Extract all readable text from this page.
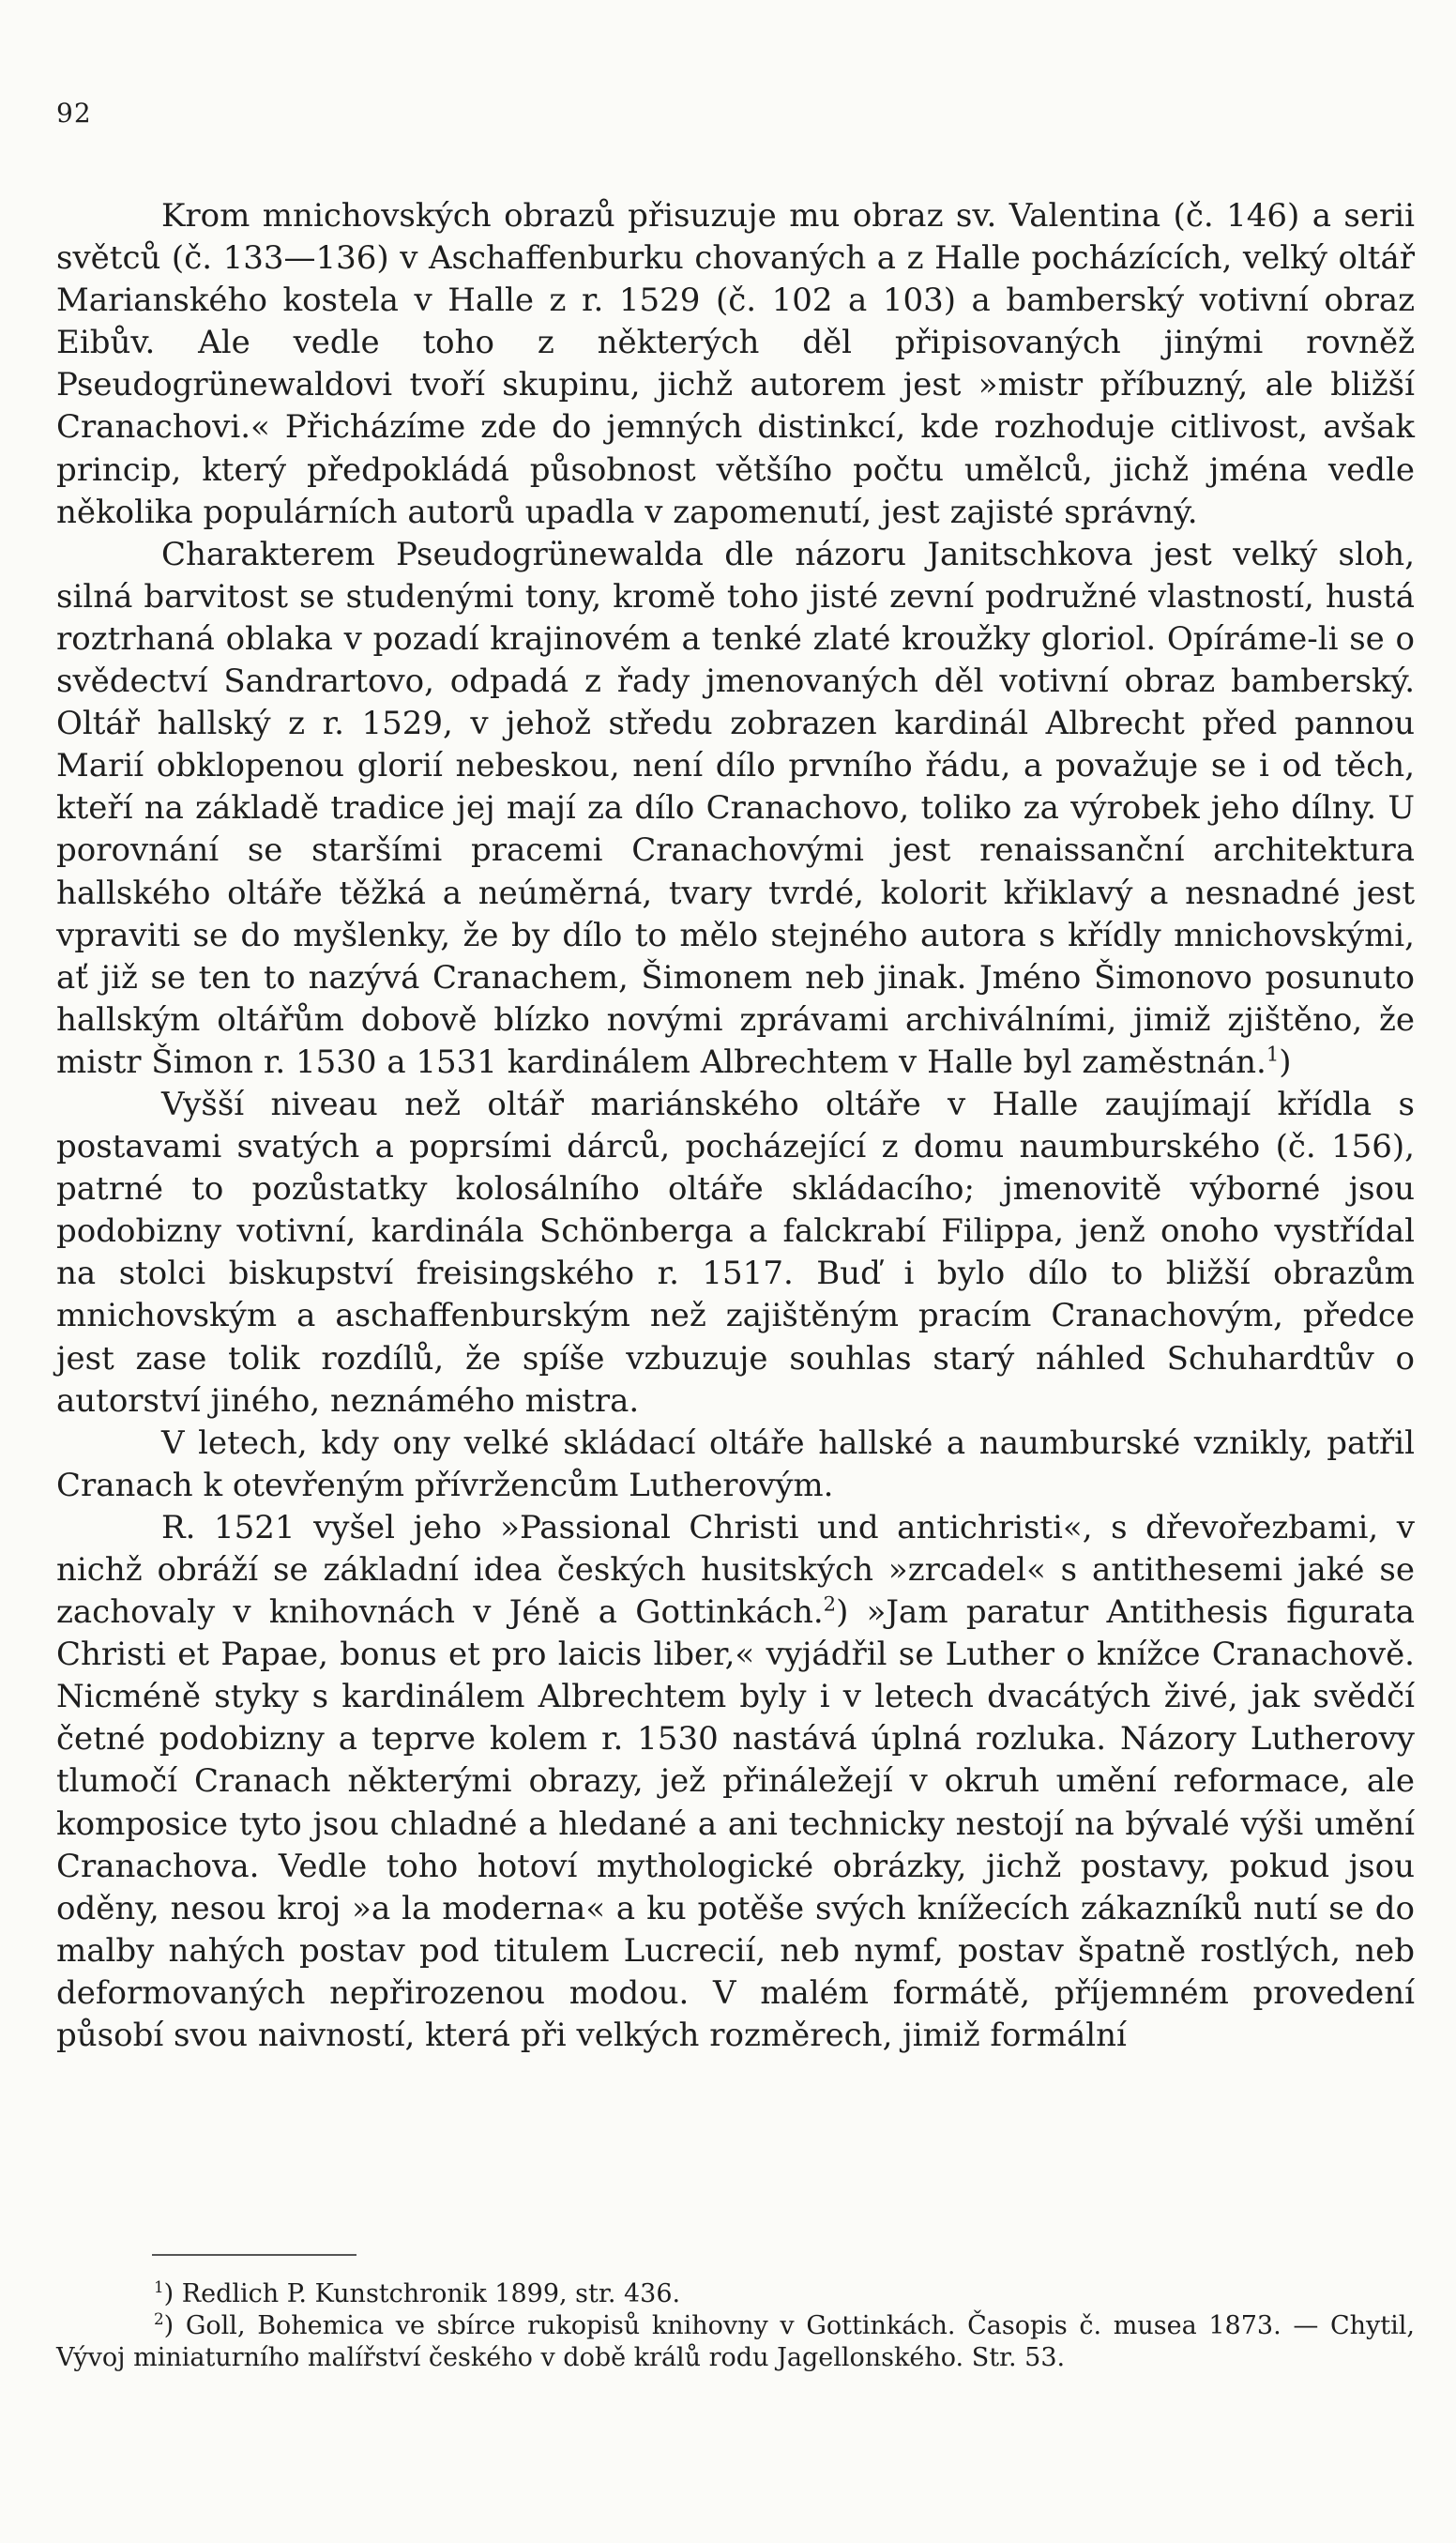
92

Krom mnichovských obrazů přisuzuje mu obraz sv. Valentina (č. 146) a serii světců (č. 133—136) v Aschaffenburku chovaných a z Halle pocházících, velký oltář Marianského kostela v Halle z r. 1529 (č. 102 a 103) a bamberský votivní obraz Eibův. Ale vedle toho z některých děl připisovaných jinými rovněž Pseudogrünewaldovi tvoří skupinu, jichž autorem jest »mistr příbuzný, ale bližší Cranachovi.« Přicházíme zde do jemných distinkcí, kde rozhoduje citlivost, avšak princip, který předpokládá působnost většího počtu umělců, jichž jména vedle několika populárních autorů upadla v zapomenutí, jest zajisté správný.

Charakterem Pseudogrünewalda dle názoru Janitschkova jest velký sloh, silná barvitost se studenými tony, kromě toho jisté zevní podružné vlastností, hustá roztrhaná oblaka v pozadí krajinovém a tenké zlaté kroužky gloriol. Opíráme-li se o svědectví Sandrartovo, odpadá z řady jmenovaných děl votivní obraz bamberský. Oltář hallský z r. 1529, v jehož středu zobrazen kardinál Albrecht před pannou Marií obklopenou glorií nebeskou, není dílo prvního řádu, a považuje se i od těch, kteří na základě tradice jej mají za dílo Cranachovo, toliko za výrobek jeho dílny. U porovnání se staršími pracemi Cranachovými jest renaissanční architektura hallského oltáře těžká a neúměrná, tvary tvrdé, kolorit křiklavý a nesnadné jest vpraviti se do myšlenky, že by dílo to mělo stejného autora s křídly mnichovskými, ať již se ten to nazývá Cranachem, Šimonem neb jinak. Jméno Šimonovo posunuto hallským oltářům dobově blízko novými zprávami archiválními, jimiž zjištěno, že mistr Šimon r. 1530 a 1531 kardinálem Albrechtem v Halle byl zaměstnán.$^1$)

Vyšší niveau než oltář mariánského oltáře v Halle zaujímají křídla s postavami svatých a poprsími dárců, pocházející z domu naumburského (č. 156), patrné to pozůstatky kolosálního oltáře skládacího; jmenovitě výborné jsou podobizny votivní, kardinála Schönberga a falckrabí Filippa, jenž onoho vystřídal na stolci biskupství freisingského r. 1517. Buď i bylo dílo to bližší obrazům mnichovským a aschaffenburským než zajištěným pracím Cranachovým, předce jest zase tolik rozdílů, že spíše vzbuzuje souhlas starý náhled Schuhardtův o autorství jiného, neznámého mistra.

V letech, kdy ony velké skládací oltáře hallské a naumburské vznikly, patřil Cranach k otevřeným přívržencům Lutherovým.

R. 1521 vyšel jeho »Passional Christi und antichristi«, s dřevořezbami, v nichž obráží se základní idea českých husitských »zrcadel« s antithesemi jaké se zachovaly v knihovnách v Jéně a Gottinkách.$^2$) »Jam paratur Antithesis figurata Christi et Papae, bonus et pro laicis liber,« vyjádřil se Luther o knížce Cranachově. Nicméně styky s kardinálem Albrechtem byly i v letech dvacátých živé, jak svědčí četné podobizny a teprve kolem r. 1530 nastává úplná rozluka. Názory Lutherovy tlumočí Cranach některými obrazy, jež přináležejí v okruh umění reformace, ale komposice tyto jsou chladné a hledané a ani technicky nestojí na bývalé výši umění Cranachova. Vedle toho hotoví mythologické obrázky, jichž postavy, pokud jsou oděny, nesou kroj »a la moderna« a ku potěše svých knížecích zákazníků nutí se do malby nahých postav pod titulem Lucrecií, neb nymf, postav špatně rostlých, neb deformovaných nepřirozenou modou. V malém formátě, příjemném provedení působí svou naivností, která při velkých rozměrech, jimiž formální

$^1$) Redlich P. Kunstchronik 1899, str. 436.

$^2$) Goll, Bohemica ve sbírce rukopisů knihovny v Gottinkách. Časopis č. musea 1873. — Chytil, Vývoj miniaturního malířství českého v době králů rodu Jagellonského. Str. 53.
